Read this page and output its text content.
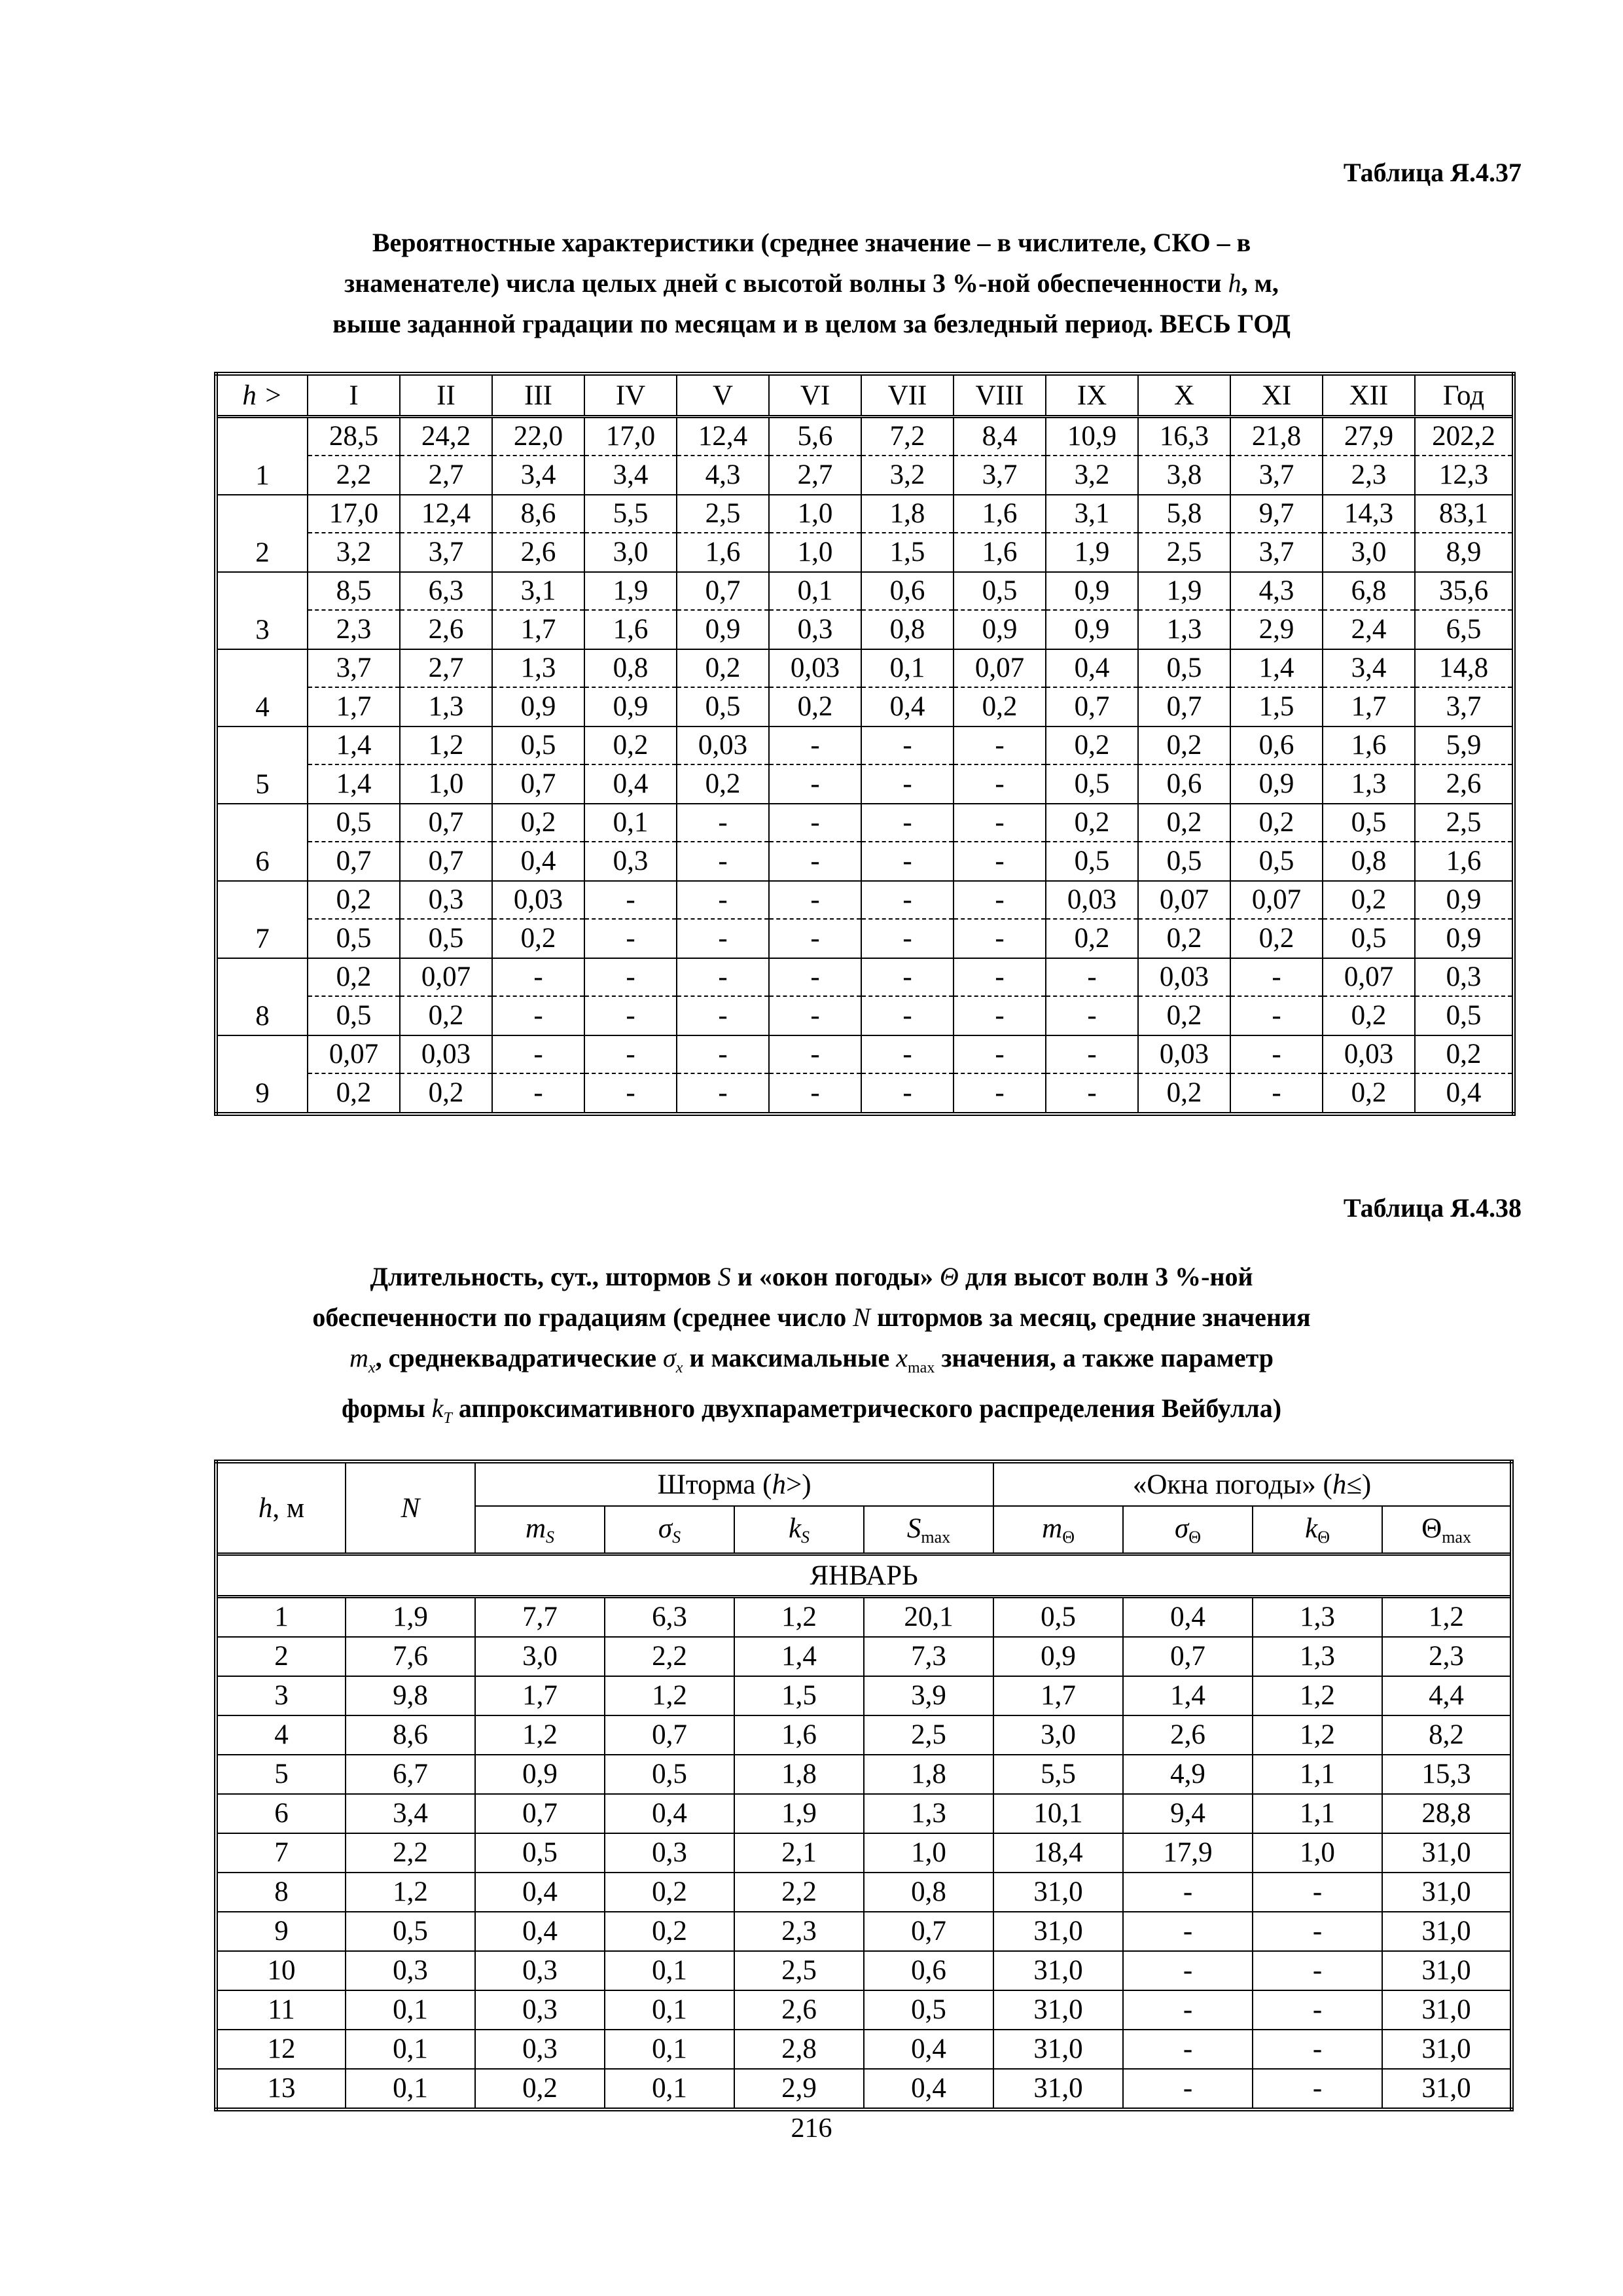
Таблица Я.4.37
Вероятностные характеристики (среднее значение – в числителе, СКО – в
знаменателе) числа целых дней с высотой волны 3 %-ной обеспеченности h, м,
выше заданной градации по месяцам и в целом за безледный период. ВЕСЬ ГОД
h >	I	II	III	IV	V	VI	VII	VIII	IX	X	XI	XII	Год
1	28,5	24,2	22,0	17,0	12,4	5,6	7,2	8,4	10,9	16,3	21,8	27,9	202,2
	2,2	2,7	3,4	3,4	4,3	2,7	3,2	3,7	3,2	3,8	3,7	2,3	12,3
2	17,0	12,4	8,6	5,5	2,5	1,0	1,8	1,6	3,1	5,8	9,7	14,3	83,1
	3,2	3,7	2,6	3,0	1,6	1,0	1,5	1,6	1,9	2,5	3,7	3,0	8,9
3	8,5	6,3	3,1	1,9	0,7	0,1	0,6	0,5	0,9	1,9	4,3	6,8	35,6
	2,3	2,6	1,7	1,6	0,9	0,3	0,8	0,9	0,9	1,3	2,9	2,4	6,5
4	3,7	2,7	1,3	0,8	0,2	0,03	0,1	0,07	0,4	0,5	1,4	3,4	14,8
	1,7	1,3	0,9	0,9	0,5	0,2	0,4	0,2	0,7	0,7	1,5	1,7	3,7
5	1,4	1,2	0,5	0,2	0,03	-	-	-	0,2	0,2	0,6	1,6	5,9
	1,4	1,0	0,7	0,4	0,2	-	-	-	0,5	0,6	0,9	1,3	2,6
6	0,5	0,7	0,2	0,1	-	-	-	-	0,2	0,2	0,2	0,5	2,5
	0,7	0,7	0,4	0,3	-	-	-	-	0,5	0,5	0,5	0,8	1,6
7	0,2	0,3	0,03	-	-	-	-	-	0,03	0,07	0,07	0,2	0,9
	0,5	0,5	0,2	-	-	-	-	-	0,2	0,2	0,2	0,5	0,9
8	0,2	0,07	-	-	-	-	-	-	-	0,03	-	0,07	0,3
	0,5	0,2	-	-	-	-	-	-	-	0,2	-	0,2	0,5
9	0,07	0,03	-	-	-	-	-	-	-	0,03	-	0,03	0,2
	0,2	0,2	-	-	-	-	-	-	-	0,2	-	0,2	0,4
Таблица Я.4.38
Длительность, сут., штормов S и «окон погоды» Θ для высот волн 3 %-ной
обеспеченности по градациям (среднее число N штормов за месяц, средние значения
$m_x$, среднеквадратические $\sigma_x$ и максимальные $x_{max}$ значения, а также параметр
формы $k_T$ аппроксимативного двухпараметрического распределения Вейбулла)
h, м	N	Шторма (h>)				«Окна погоды» (h≤)			
		mS	σS	kS	Smax	mΘ	σΘ	kΘ	Θmax
ЯНВАРЬ									
1	1,9	7,7	6,3	1,2	20,1	0,5	0,4	1,3	1,2
2	7,6	3,0	2,2	1,4	7,3	0,9	0,7	1,3	2,3
3	9,8	1,7	1,2	1,5	3,9	1,7	1,4	1,2	4,4
4	8,6	1,2	0,7	1,6	2,5	3,0	2,6	1,2	8,2
5	6,7	0,9	0,5	1,8	1,8	5,5	4,9	1,1	15,3
6	3,4	0,7	0,4	1,9	1,3	10,1	9,4	1,1	28,8
7	2,2	0,5	0,3	2,1	1,0	18,4	17,9	1,0	31,0
8	1,2	0,4	0,2	2,2	0,8	31,0	-	-	31,0
9	0,5	0,4	0,2	2,3	0,7	31,0	-	-	31,0
10	0,3	0,3	0,1	2,5	0,6	31,0	-	-	31,0
11	0,1	0,3	0,1	2,6	0,5	31,0	-	-	31,0
12	0,1	0,3	0,1	2,8	0,4	31,0	-	-	31,0
13	0,1	0,2	0,1	2,9	0,4	31,0	-	-	31,0
216
